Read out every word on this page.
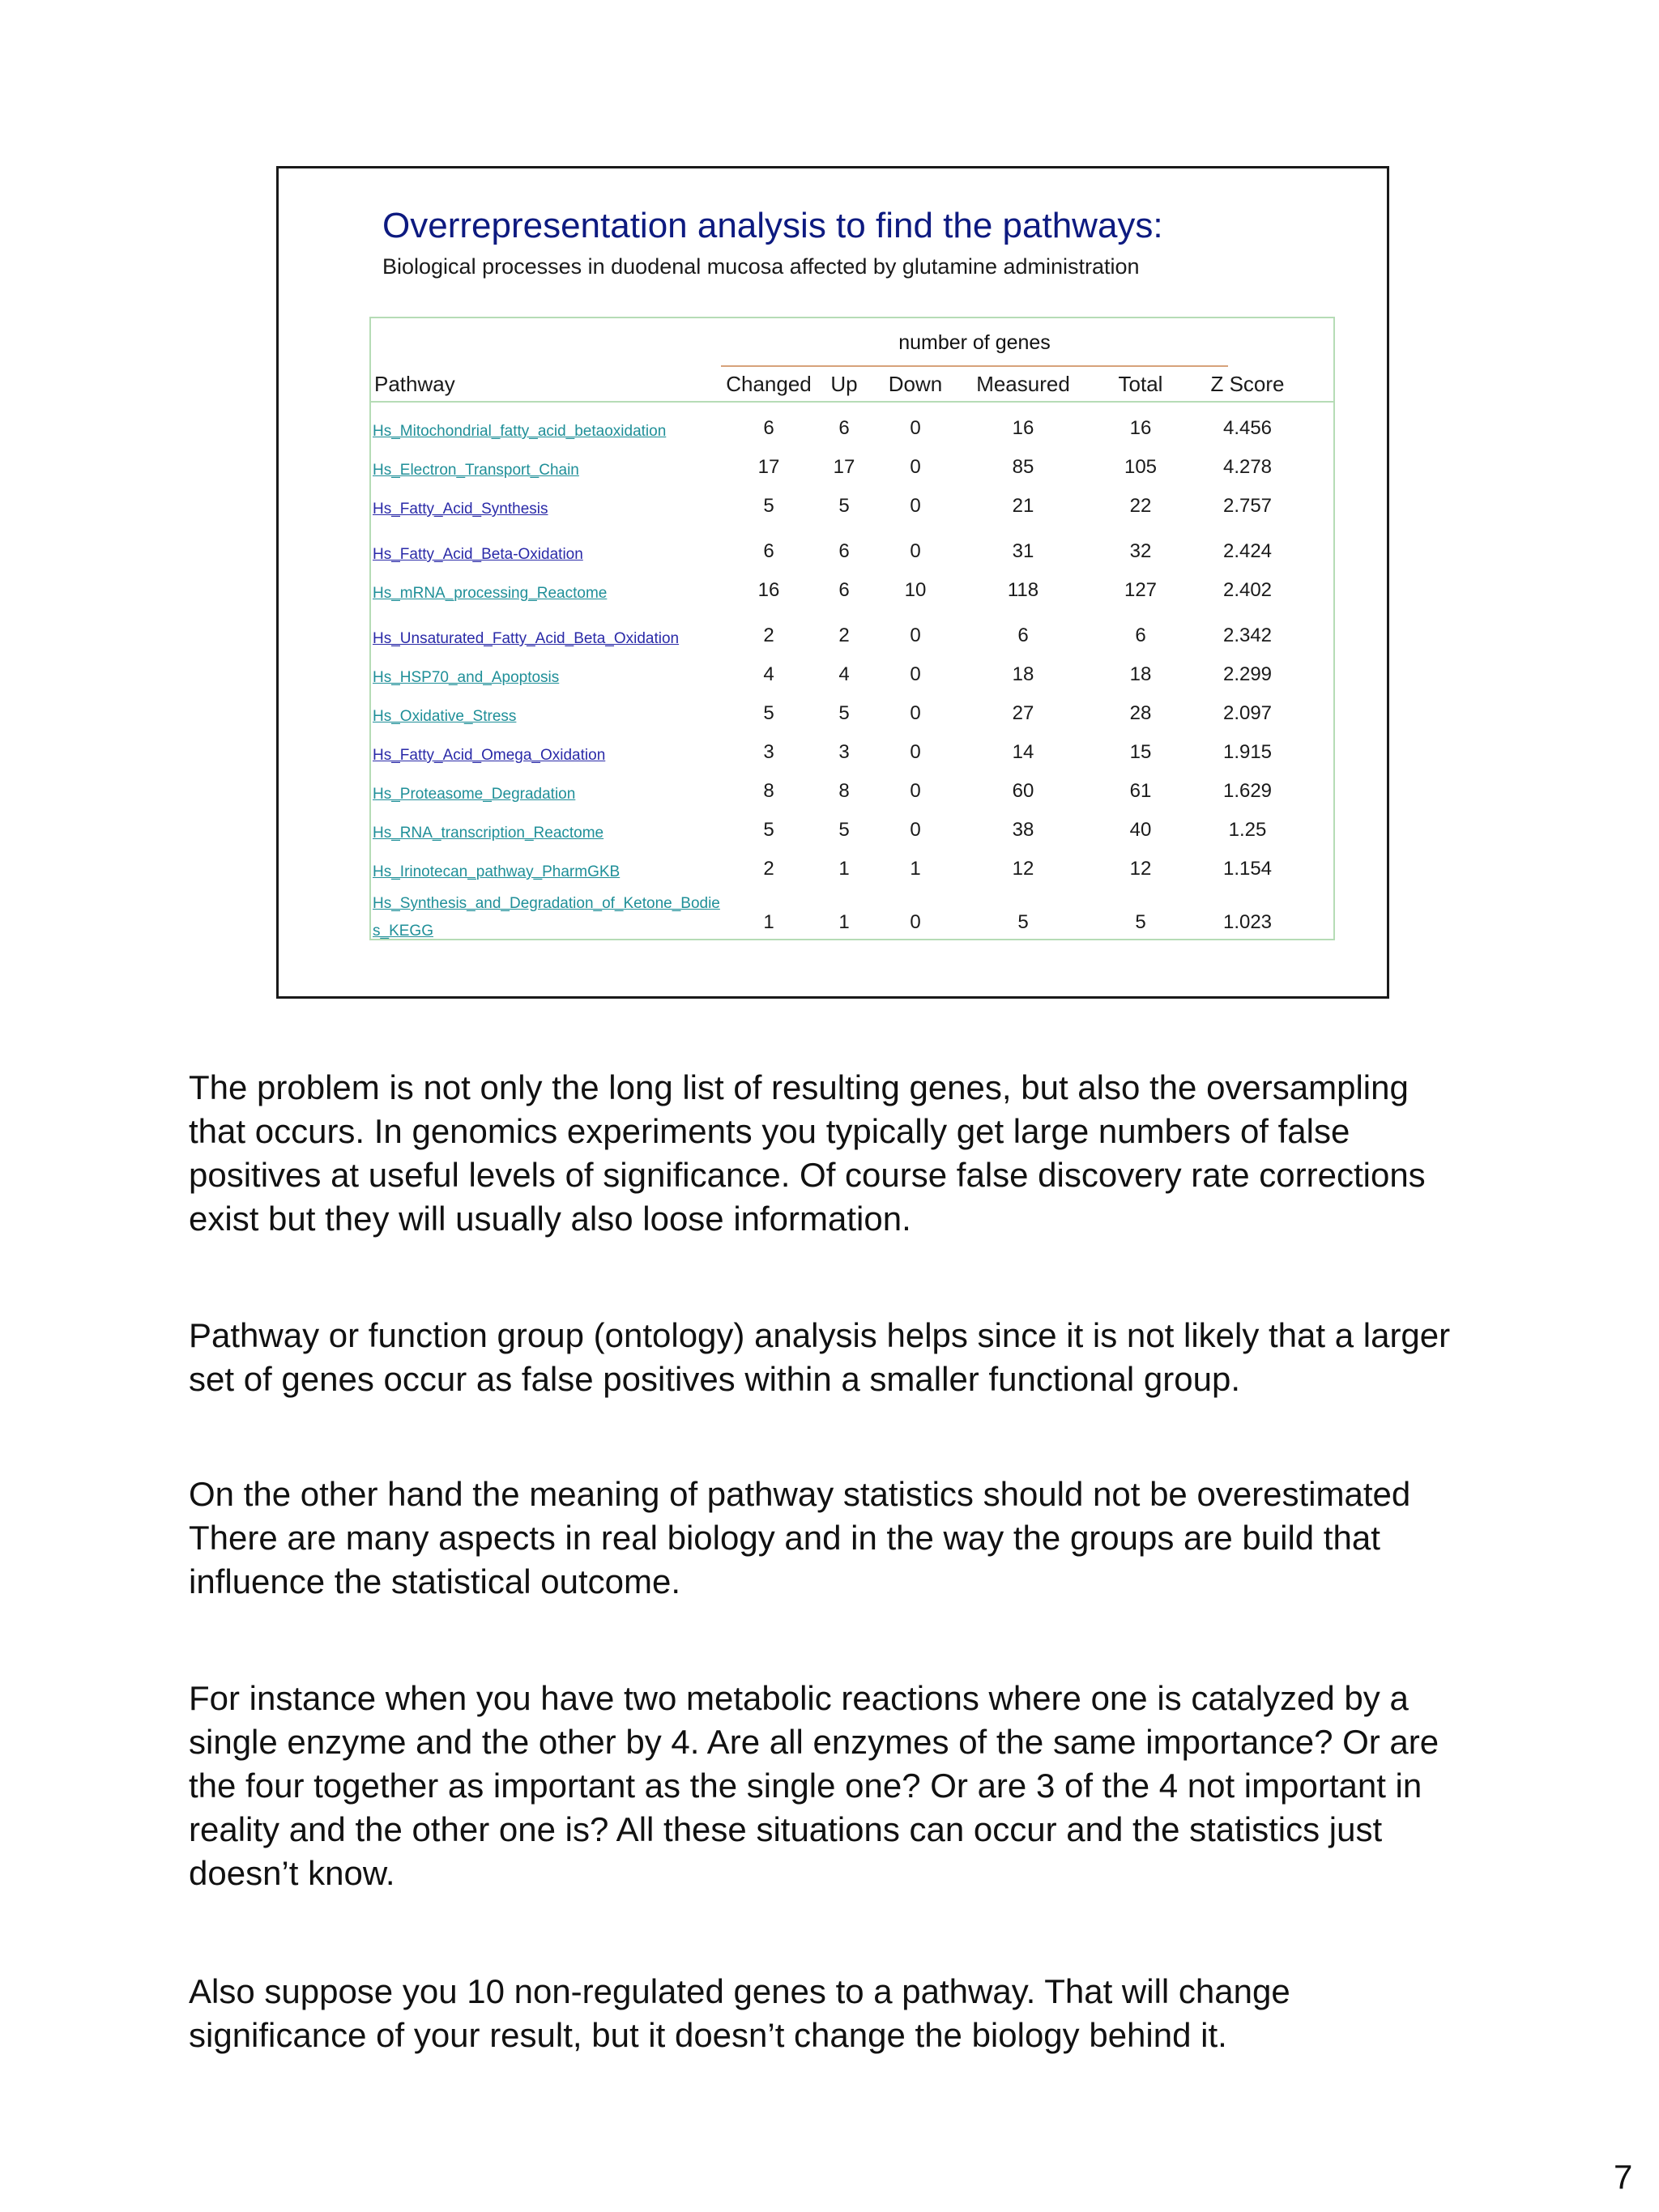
Overrepresentation analysis to find the pathways:
Biological processes in duodenal mucosa affected by glutamine administration
number of genes
Pathway	Changed Up	Down	Measured	Total	Z Score
Hs_Mitochondrial_fatty_acid_betaoxidation	6	6	0	16	16	4.456
Hs_Electron_Transport_Chain	17	17	0	85	105	4.278
Hs_Fatty_Acid_Synthesis	5	5	0	21	22	2.757
Hs_Fatty_Acid_Beta-Oxidation	6	6	0	31	32	2.424
Hs_mRNA_processing_Reactome	16	6	10	118	127	2.402
Hs_Unsaturated_Fatty_Acid_Beta_Oxidation	2	2	0	6	6	2.342
Hs_HSP70_and_Apoptosis	4	4	0	18	18	2.299
Hs_Oxidative_Stress	5	5	0	27	28	2.097
Hs_Fatty_Acid_Omega_Oxidation	3	3	0	14	15	1.915
Hs_Proteasome_Degradation	8	8	0	60	61	1.629
Hs_RNA_transcription_Reactome	5	5	0	38	40	1.25
Hs_Irinotecan_pathway_PharmGKB	2	1	1	12	12	1.154
Hs_Synthesis_and_Degradation_of_Ketone_Bodies_KEGG	1	1	0	5	5	1.023
The problem is not only the long list of resulting genes, but also the oversampling that occurs. In genomics experiments you typically get large numbers of false positives at useful levels of significance. Of course false discovery rate corrections exist but they will usually also loose information.
Pathway or function group (ontology) analysis helps since it is not likely that a larger set of genes occur as false positives within a smaller functional group.
On the other hand the meaning of pathway statistics should not be overestimated There are many aspects in real biology and in the way the groups are build that influence the statistical outcome.
For instance when you have two metabolic reactions where one is catalyzed by a single enzyme and the other by 4. Are all enzymes of the same importance? Or are the four together as important as the single one? Or are 3 of the 4 not important in reality and the other one is? All these situations can occur and the statistics just doesn’t know.
Also suppose you 10 non-regulated genes to a pathway. That will change significance of your result, but it doesn’t change the biology behind it.
7
